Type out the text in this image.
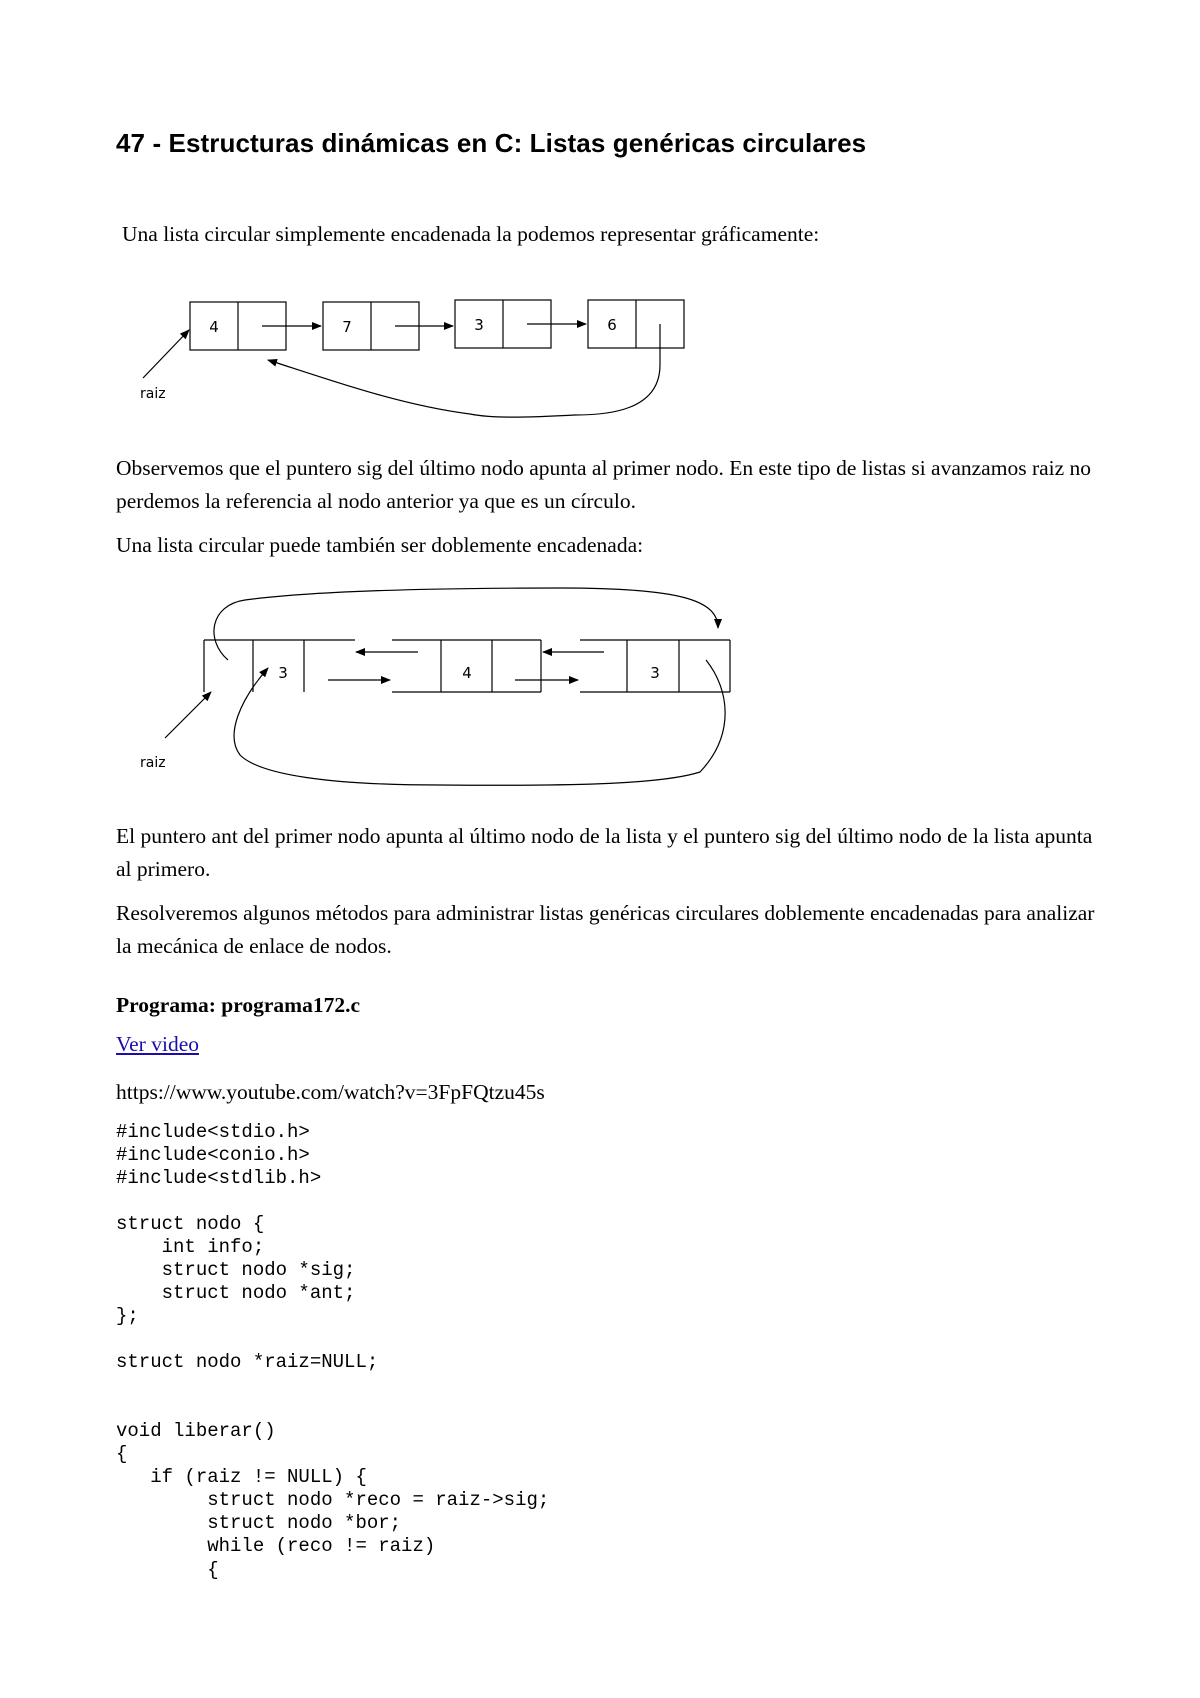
47 - Estructuras dinámicas en C: Listas genéricas circulares

Una lista circular simplemente encadenada la podemos representar gráficamente:

4	7	3	6
raiz
3	4	3
raiz

Observemos que el puntero sig del último nodo apunta al primer nodo. En este tipo de listas si avanzamos raiz no perdemos la referencia al nodo anterior ya que es un círculo.

Una lista circular puede también ser doblemente encadenada:

El puntero ant del primer nodo apunta al último nodo de la lista y el puntero sig del último nodo de la lista apunta al primero.

Resolveremos algunos métodos para administrar listas genéricas circulares doblemente encadenadas para analizar la mecánica de enlace de nodos.

Programa: programa172.c

Ver video

https://www.youtube.com/watch?v=3FpFQtzu45s

#include<stdio.h>
#include<conio.h>
#include<stdlib.h>
struct nodo {
int info;
struct nodo *sig;
struct nodo *ant;
};
struct nodo *raiz=NULL;
void liberar()
{
if (raiz != NULL) {
struct nodo *reco = raiz->sig;
struct nodo *bor;
while (reco != raiz)
{
